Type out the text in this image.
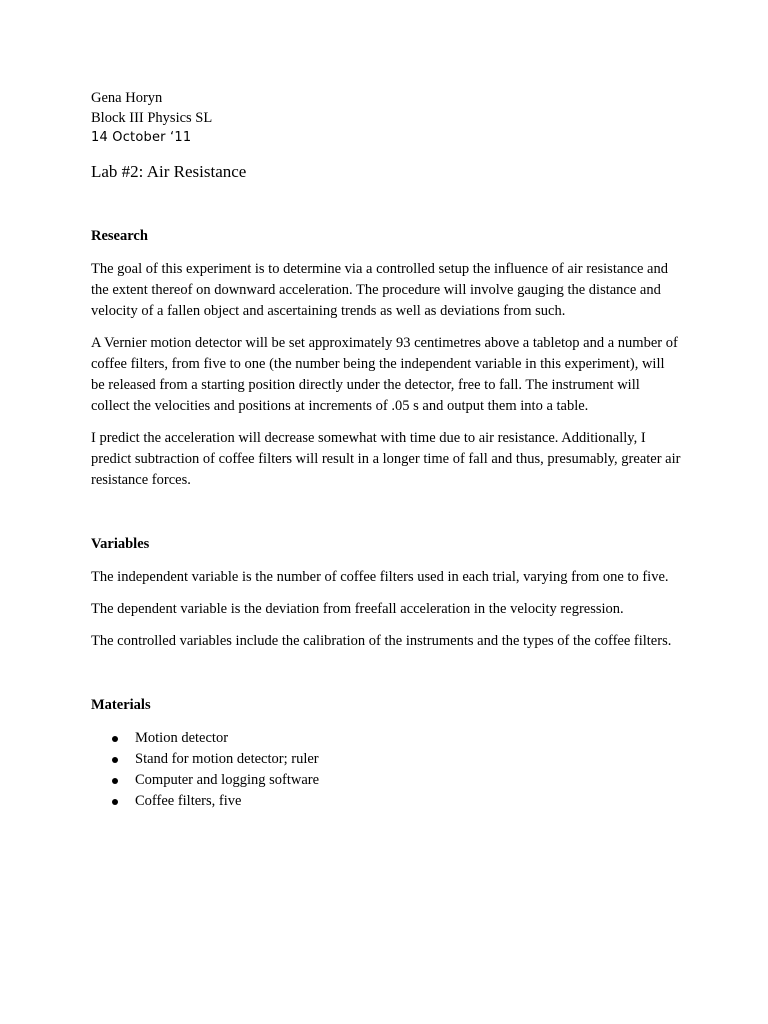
Gena Horyn

Block III Physics SL

14 October ‘11

Lab #2: Air Resistance
Research

The goal of this experiment is to determine via a controlled setup the influence of air resistance and the extent thereof on downward acceleration. The procedure will involve gauging the distance and velocity of a fallen object and ascertaining trends as well as deviations from such.

A Vernier motion detector will be set approximately 93 centimetres above a tabletop and a number of coffee filters, from five to one (the number being the independent variable in this experiment), will be released from a starting position directly under the detector, free to fall. The instrument will collect the velocities and positions at increments of .05 s and output them into a table.

I predict the acceleration will decrease somewhat with time due to air resistance. Additionally, I predict subtraction of coffee filters will result in a longer time of fall and thus, presumably, greater air resistance forces.

Variables

The independent variable is the number of coffee filters used in each trial, varying from one to five.

The dependent variable is the deviation from freefall acceleration in the velocity regression.

The controlled variables include the calibration of the instruments and the types of the coffee filters.

Materials
Motion detector
Stand for motion detector; ruler
Computer and logging software
Coffee filters, five
